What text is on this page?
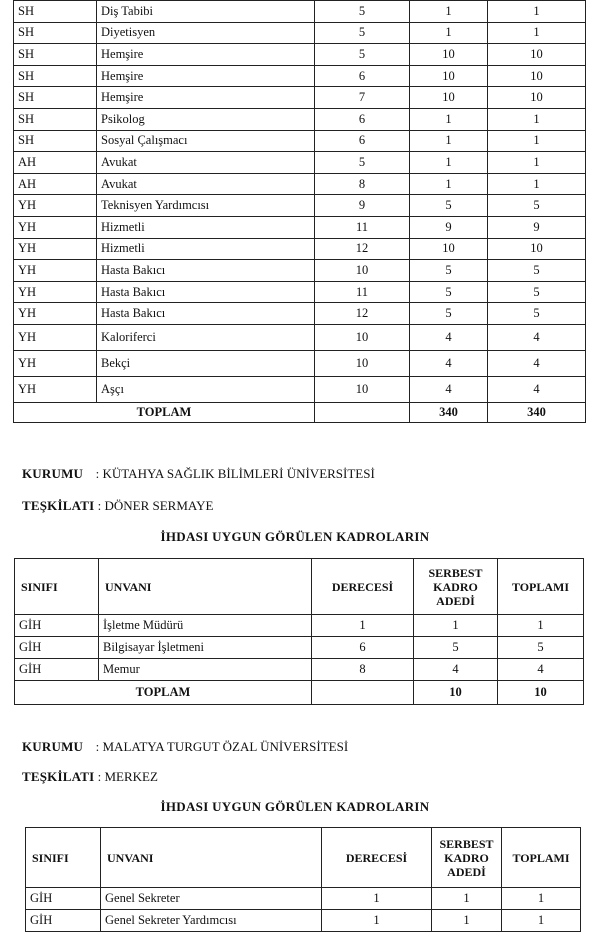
SH	Diş Tabibi	5	1	1
SH	Diyetisyen	5	1	1
SH	Hemşire	5	10	10
SH	Hemşire	6	10	10
SH	Hemşire	7	10	10
SH	Psikolog	6	1	1
SH	Sosyal Çalışmacı	6	1	1
AH	Avukat	5	1	1
AH	Avukat	8	1	1
YH	Teknisyen Yardımcısı	9	5	5
YH	Hizmetli	11	9	9
YH	Hizmetli	12	10	10
YH	Hasta Bakıcı	10	5	5
YH	Hasta Bakıcı	11	5	5
YH	Hasta Bakıcı	12	5	5
YH	Kaloriferci	10	4	4
YH	Bekçi	10	4	4
YH	Aşçı	10	4	4
TOPLAM			340	340
KURUMU : KÜTAHYA SAĞLIK BİLİMLERİ ÜNİVERSİTESİ
TEŞKİLATI : DÖNER SERMAYE
İHDASI UYGUN GÖRÜLEN KADROLARIN
SINIFI	UNVANI	DERECESİ	SERBEST KADRO ADEDİ	TOPLAMI
GİH	İşletme Müdürü	1	1	1
GİH	Bilgisayar İşletmeni	6	5	5
GİH	Memur	8	4	4
TOPLAM			10	10
KURUMU : MALATYA TURGUT ÖZAL ÜNİVERSİTESİ
TEŞKİLATI : MERKEZ
İHDASI UYGUN GÖRÜLEN KADROLARIN
SINIFI	UNVANI	DERECESİ	SERBEST KADRO ADEDİ	TOPLAMI
GİH	Genel Sekreter	1	1	1
GİH	Genel Sekreter Yardımcısı	1	1	1
